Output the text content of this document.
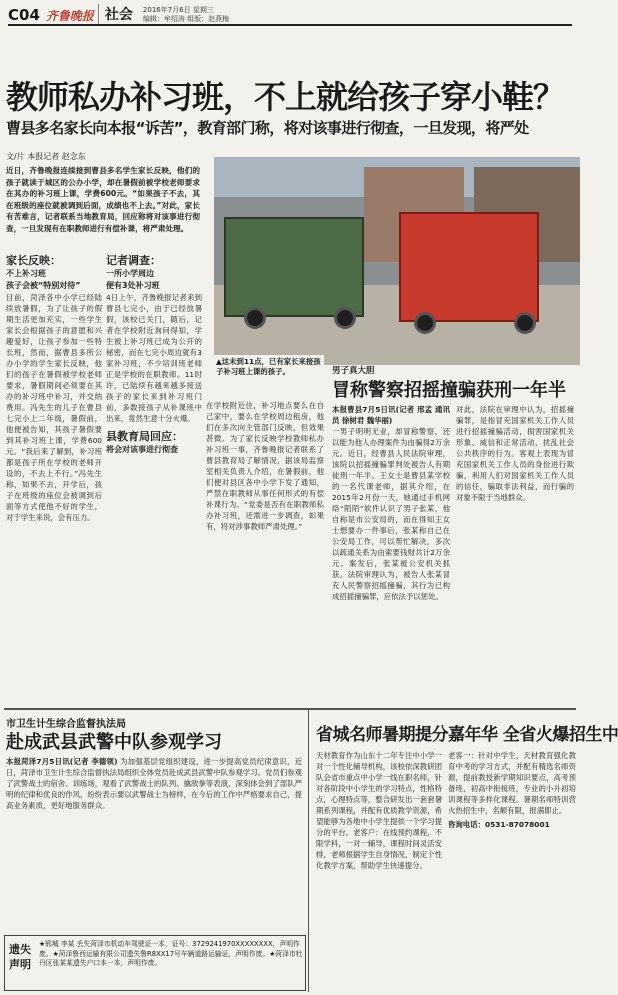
C04 齐鲁晚报 社会 2016年7月6日 星期三
编辑：牟绍涛 组版：赵燕梅
教师私办补习班，不上就给孩子穿小鞋？
曹县多名家长向本报“诉苦”，教育部门称，将对该事进行彻查，一旦发现，将严处
文/片 本报记者 赵念东
近日，齐鲁晚报连续接到曹县多名学生家长反映，他们的孩子就读于城区的公办小学，却在暑假前被学校老师要求在其办的补习班上课，学费600元。“如果孩子不去，其在班级的座位就被调到后面，成绩也不上去。”对此，家长有苦难言，记者联系当地教育局，回应称将对该事进行彻查，一旦发现有在职教师进行有偿补课，将严肃处理。
家长反映：
不上补习班
孩子会被“特别对待”
目前，菏泽各中小学已经陆续放暑假，为了让孩子的假期生活更加充实，一些学生家长会根据孩子的意愿和兴趣爱好，让孩子参加一些特长班，然而，据曹县多所公办小学的学生家长反映，他们的孩子在暑假被学校老师要求，暑假期间必须要在其办的补习班中补习，并交纳费用。冯先生的儿子在曹县七完小上二年级，暑假前，他便被告知，其孩子暑假要到其补习班上课，学费600元。“我后来了解到，补习班都是孩子所在学校的老师开设的，不去上不行。”冯先生称，如果不去，开学后，孩子在班级的座位会被调到后面等方式使他不好的学生，对于学生来说，会有压力。
记者调查：
一所小学周边
便有3处补习班
4日上午，齐鲁晚报记者来到曹县七完小，由于已经放暑假，该校已关门，随后，记者在学校附近询问得知，学生被上补习班已成为公开的秘密，而在七完小周边就有3家补习班，不少培训班老师正是学校的在职教师。11时许，已陆续有越来越多接送孩子的家长来到补习班门前，多数接孩子从补课班中出来，竟然生意十分火爆。
县教育局回应：
将会对该事进行彻查
在学校附近住，补习地点要么在自己家中，要么在学校周边租房，他们在多次向主管部门反映，但效果甚微。为了家长反映学校教师私办补习班一事，齐鲁晚报记者联系了曹县教育局了解情况，据该局监察室相关负责人介绍，在暑假前，他们便对县区各中小学下发了通知，严禁在职教师从事任何形式的有偿补课行为。“党委是否有在职教师私办补习班，还需进一步调查，如果有，将对涉事教师严肃处理。”
▲这未到11点，已有家长来接孩子补习班上课的孩子。	男子真大胆
冒称警察招摇撞骗获刑一年半
本报曹县7月5日讯(记者 邢孟 通讯员 徐树君 魏华丽)
一男子明明无业，却冒称警察，还以能为他人办理案件为由骗得2万余元。近日，经曹县人民法院审理，该院以招摇撞骗罪判处被告人有期徒刑一年半。王女士是曹县某学校的一名代课老师，据其介绍，在2015年2月份一天，她通过手机网络“陌陌”软件认识了男子张某，他自称是市公安局的，而在得知王女士想要办一件事后，张某称自己在公安局工作，可以帮忙解决，多次以疏通关系为由索要钱财共计2万余元。案发后，张某被公安机关抓获。法院审理认为，被告人张某冒充人民警察招摇撞骗，其行为已构成招摇撞骗罪，应依法予以惩处。
对此，法院在审理中认为，招摇撞骗罪，是指冒充国家机关工作人员进行招摇撞骗活动，损害国家机关形象、威信和正常活动，扰乱社会公共秩序的行为。客观上表现为冒充国家机关工作人员的身份进行欺骗，利用人们对国家机关工作人员的信任，骗取非法利益，而行骗的对象不限于当地群众。
市卫生计生综合监督执法局
赴成武县武警中队参观学习
本报菏泽7月5日讯(记者 李德领) 为加强基层党组织建设，进一步提高党员纪律意识，近日，菏泽市卫生计生综合监督执法局组织全体党员赴成武县武警中队参观学习。党员们参观了武警战士的宿舍、训练场，观看了武警战士的队列、擒敌拳等表演，深刻体会到了部队严明的纪律和优良的作风，纷纷表示要以武警战士为榜样，在今后的工作中严格要求自己，提高业务素质，更好地服务群众。
省城名师暑期提分嘉年华 全省火爆招生中
天材教育作为山东十二年专注中小学一对一个性化辅导机构，该校依深教研团队会省市重点中小学一线在职名师，针对各阶段中小学生的学习特点，性格特点，心理特点等，整合研发出一套套暑期系列课程，并配有优质教学资源，希望能够为各地中小学生提供一个学习提分的平台。老客户：在线预约课程，不限学科，一对一辅导，课程时间灵活安排，老师根据学生自身情况，制定个性化教学方案，帮助学生快速提分。
老客一：针对中学生，天材教育强化教育中考的学习方式，并配有精选名师资源，提前教授新学期知识要点，高考预备班，初高中衔接班，专业的小升初培训课程等多样化课程。暑期名师特训营火热招生中，名额有限，报满即止。
咨询电话：0531-87078001
遗失声明
★郓城 李某 丢失菏泽市机动车驾驶证一本，证号：3729241970XXXXXXXX，声明作废。★菏泽鲁西运输有限公司遗失鲁R8XX17号车辆道路运输证，声明作废。★菏泽市牡丹区张某某遗失户口本一本，声明作废。
